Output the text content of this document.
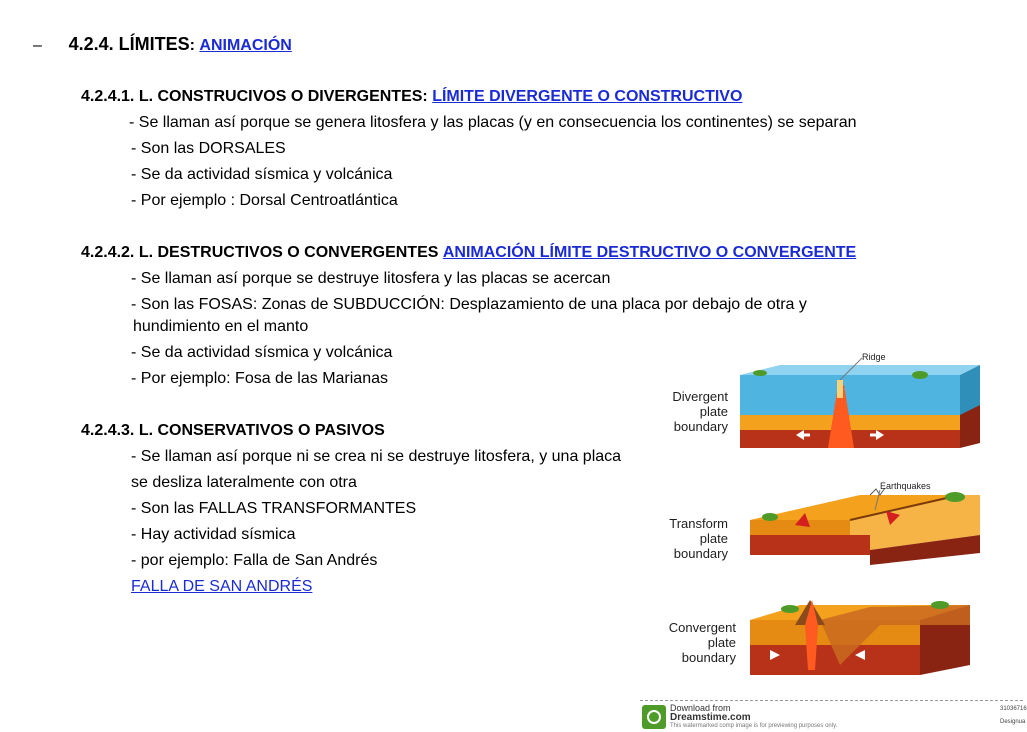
– 4.2.4. LÍMITES: ANIMACIÓN
4.2.4.1. L. CONSTRUCIVOS O DIVERGENTES: LÍMITE DIVERGENTE O CONSTRUCTIVO
- Se llaman así porque se genera litosfera y las placas (y en consecuencia los continentes) se separan
- Son las DORSALES
- Se da actividad sísmica y volcánica
- Por ejemplo : Dorsal Centroatlántica
4.2.4.2. L. DESTRUCTIVOS O CONVERGENTES ANIMACIÓN LÍMITE DESTRUCTIVO O CONVERGENTE
- Se llaman así porque se destruye litosfera y las placas se acercan
- Son las FOSAS: Zonas de SUBDUCCIÓN: Desplazamiento de una placa por debajo de otra y
hundimiento en el manto
- Se da actividad sísmica y volcánica
- Por ejemplo: Fosa de las Marianas
4.2.4.3. L. CONSERVATIVOS O PASIVOS
- Se llaman así porque ni se crea ni se destruye litosfera, y una placa
se desliza lateralmente con otra
- Son las FALLAS TRANSFORMANTES
- Hay actividad sísmica
- por ejemplo: Falla de San Andrés
FALLA DE SAN ANDRÉS
Ridge
Earthquakes
Divergent
plate
boundary
Transform
plate
boundary
Convergent
plate
boundary
Download from
Dreamstime.com
This watermarked comp image is for previewing purposes only.
31036716
Designua
